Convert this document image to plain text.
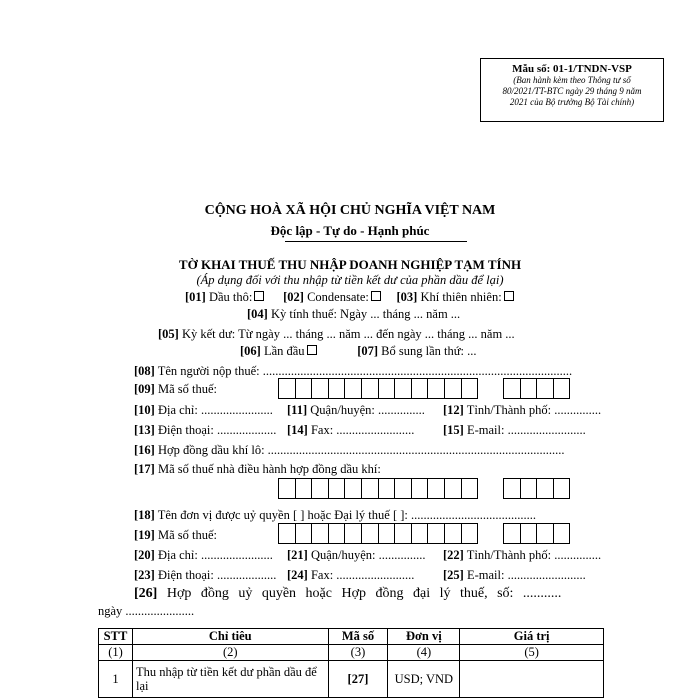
Mẫu số: 01-1/TNDN-VSP
(Ban hành kèm theo Thông tư số
80/2021/TT-BTC ngày 29 tháng 9 năm
2021 của Bộ trưởng Bộ Tài chính)
CỘNG HOÀ XÃ HỘI CHỦ NGHĨA VIỆT NAM
Độc lập - Tự do - Hạnh phúc
TỜ KHAI THUẾ THU NHẬP DOANH NGHIỆP TẠM TÍNH
(Áp dụng đối với thu nhập từ tiền kết dư của phần dầu để lại)
[01] Dầu thô: [02] Condensate: [03] Khí thiên nhiên:
[04] Kỳ tính thuế: Ngày ... tháng ... năm ...
[05] Kỳ kết dư: Từ ngày ... tháng ... năm ... đến ngày ... tháng ... năm ...
[06] Lần đầu	[07] Bổ sung lần thứ: ...
[08] Tên người nộp thuế: ...................................................................................................
[09] Mã số thuế:
[10] Địa chỉ: ....................... [11] Quận/huyện: ............... [12] Tỉnh/Thành phố: ...............
[13] Điện thoại: ................... [14] Fax: ......................... [15] E-mail: .........................
[16] Hợp đồng dầu khí lô: ...............................................................................................
[17] Mã số thuế nhà điều hành hợp đồng dầu khí:
[18] Tên đơn vị được uỷ quyền [ ] hoặc Đại lý thuế [ ]: ........................................
[19] Mã số thuế:
[20] Địa chỉ: ....................... [21] Quận/huyện: ............... [22] Tỉnh/Thành phố: ...............
[23] Điện thoại: ................... [24] Fax: ......................... [25] E-mail: .........................
[26] Hợp đồng uỷ quyền hoặc Hợp đồng đại lý thuế, số: ...........
ngày ......................
STT	Chỉ tiêu	Mã số	Đơn vị	Giá trị
(1)	(2)	(3)	(4)	(5)
1	Thu nhập từ tiền kết dư phần dầu để lại	[27]	USD; VND	
